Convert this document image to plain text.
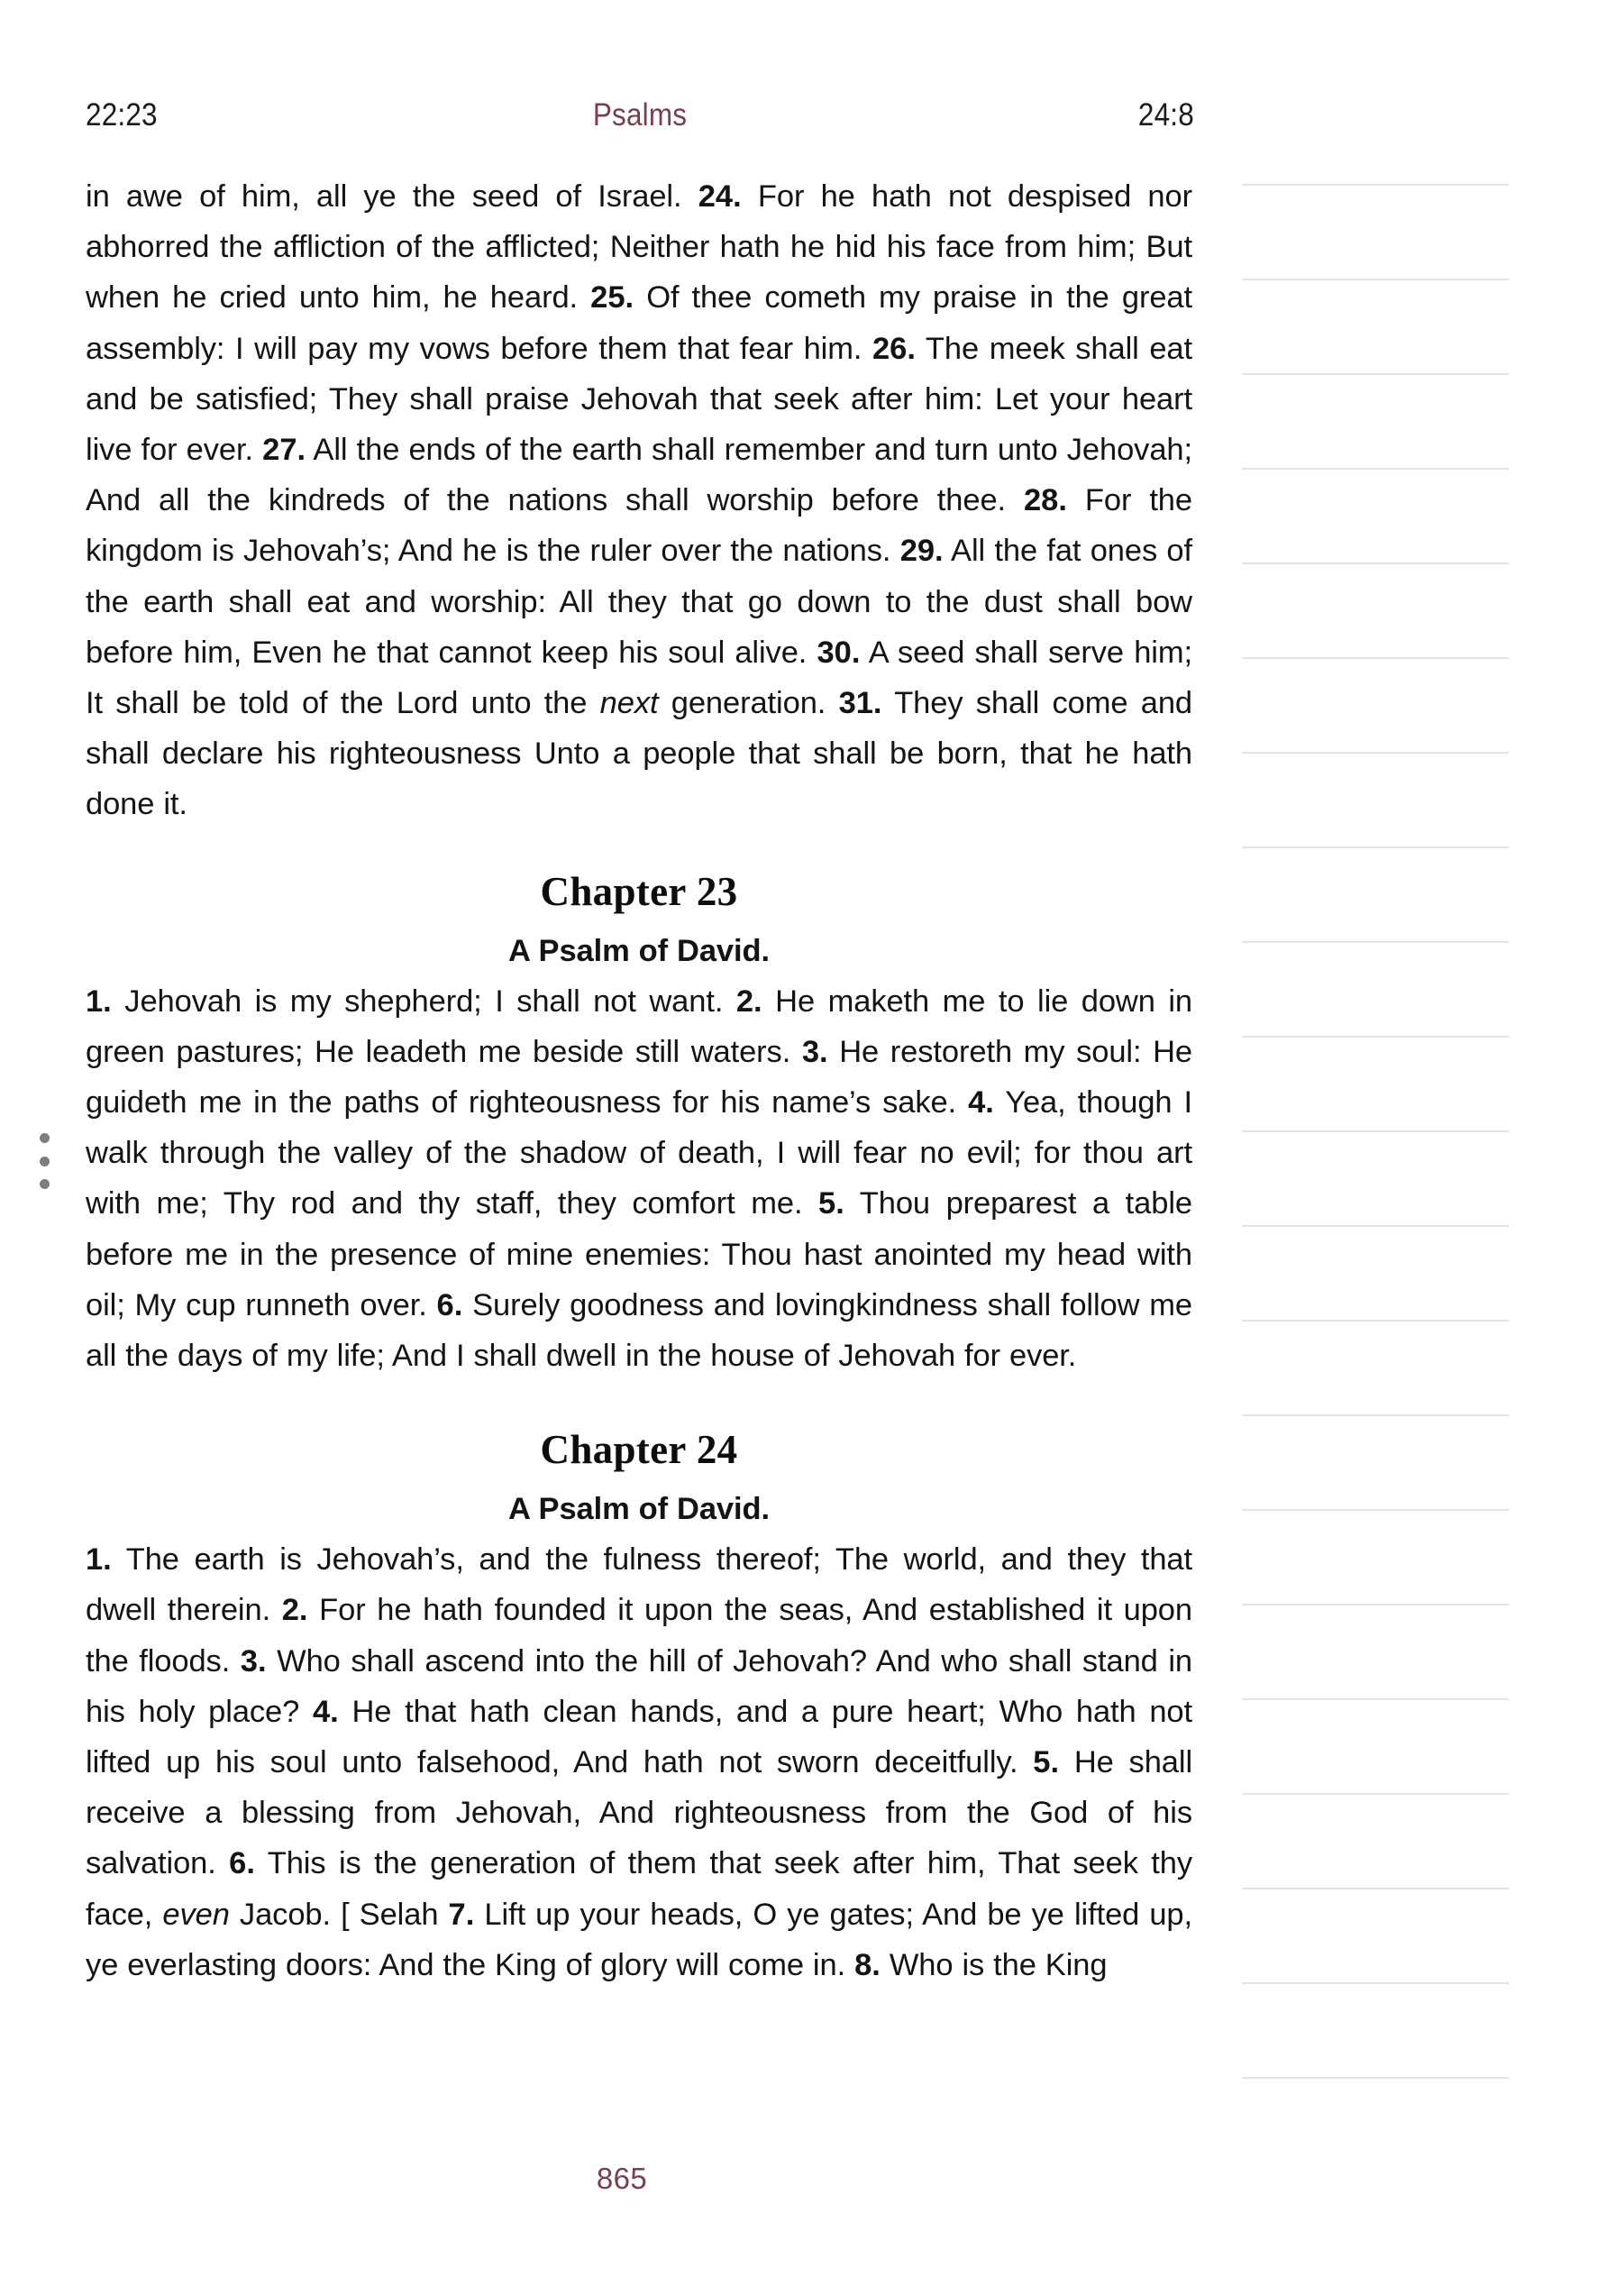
22:23	Psalms	24:8

in awe of him, all ye the seed of Israel. 24. For he hath not despised nor abhorred the affliction of the afflicted; Neither hath he hid his face from him; But when he cried unto him, he heard. 25. Of thee cometh my praise in the great assembly: I will pay my vows before them that fear him. 26. The meek shall eat and be satisfied; They shall praise Jehovah that seek after him: Let your heart live for ever. 27. All the ends of the earth shall remember and turn unto Jehovah; And all the kindreds of the nations shall worship before thee. 28. For the kingdom is Jehovah’s; And he is the ruler over the nations. 29. All the fat ones of the earth shall eat and worship: All they that go down to the dust shall bow before him, Even he that cannot keep his soul alive. 30. A seed shall serve him; It shall be told of the Lord unto the next generation. 31. They shall come and shall declare his righteousness Unto a people that shall be born, that he hath done it.

Chapter 23
A Psalm of David.

1. Jehovah is my shepherd; I shall not want. 2. He maketh me to lie down in green pastures; He leadeth me beside still waters. 3. He restoreth my soul: He guideth me in the paths of righteousness for his name’s sake. 4. Yea, though I walk through the valley of the shadow of death, I will fear no evil; for thou art with me; Thy rod and thy staff, they comfort me. 5. Thou preparest a table before me in the presence of mine enemies: Thou hast anointed my head with oil; My cup runneth over. 6. Surely goodness and lovingkindness shall follow me all the days of my life; And I shall dwell in the house of Jehovah for ever.

Chapter 24
A Psalm of David.

1. The earth is Jehovah’s, and the fulness thereof; The world, and they that dwell therein. 2. For he hath founded it upon the seas, And established it upon the floods. 3. Who shall ascend into the hill of Jehovah? And who shall stand in his holy place? 4. He that hath clean hands, and a pure heart; Who hath not lifted up his soul unto falsehood, And hath not sworn deceitfully. 5. He shall receive a blessing from Jehovah, And righteousness from the God of his salvation. 6. This is the generation of them that seek after him, That seek thy face, even Jacob. [ Selah 7. Lift up your heads, O ye gates; And be ye lifted up, ye everlasting doors: And the King of glory will come in. 8. Who is the King

865
